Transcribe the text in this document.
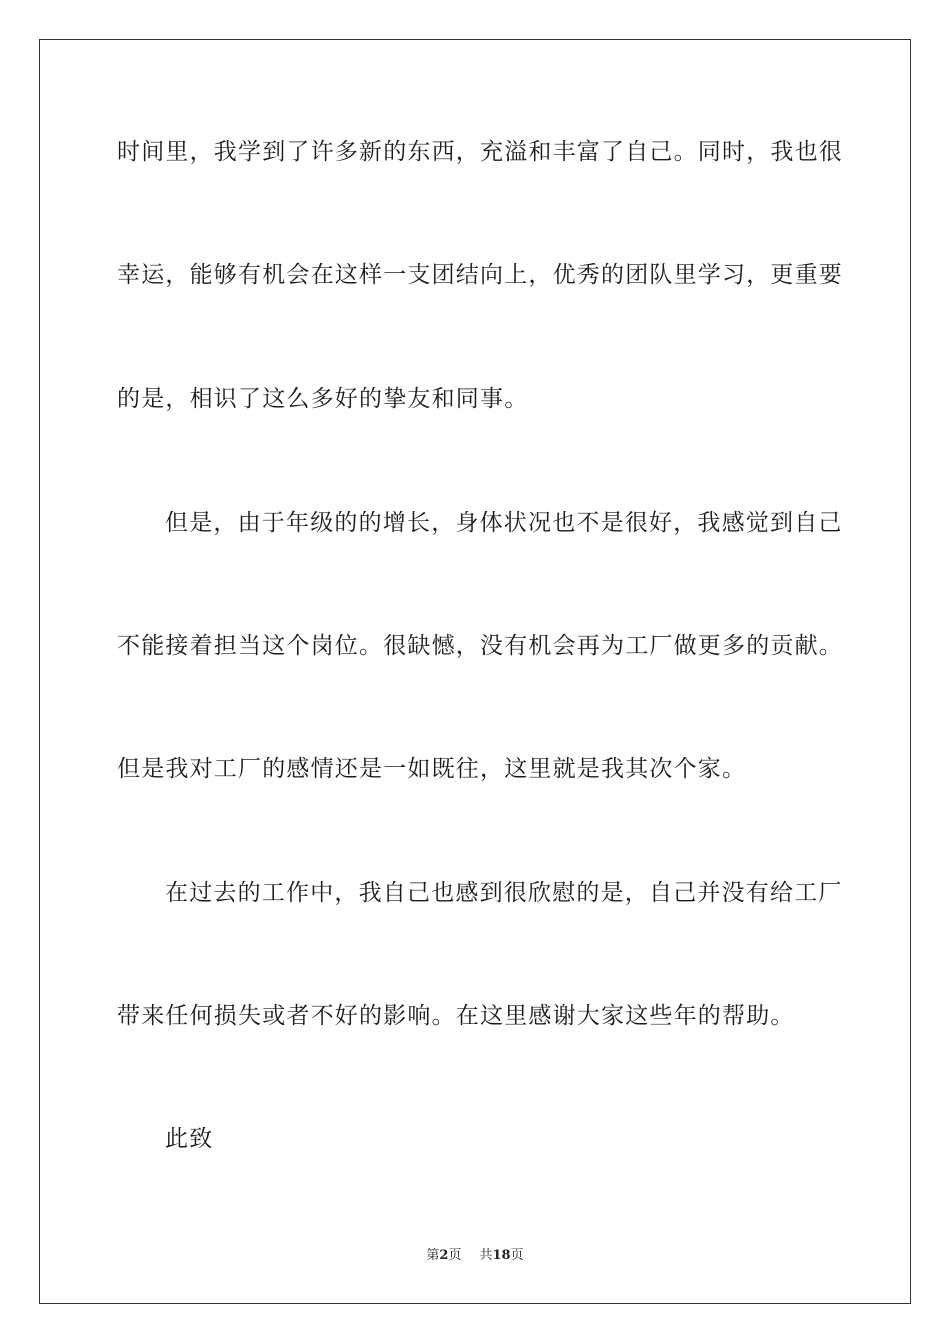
时间里，我学到了许多新的东西，充溢和丰富了自己。同时，我也很
幸运，能够有机会在这样一支团结向上，优秀的团队里学习，更重要
的是，相识了这么多好的挚友和同事。
但是，由于年级的的增长，身体状况也不是很好，我感觉到自己
不能接着担当这个岗位。很缺憾，没有机会再为工厂做更多的贡献。
但是我对工厂的感情还是一如既往，这里就是我其次个家。
在过去的工作中，我自己也感到很欣慰的是，自己并没有给工厂
带来任何损失或者不好的影响。在这里感谢大家这些年的帮助。
此致
第2页 共18页
